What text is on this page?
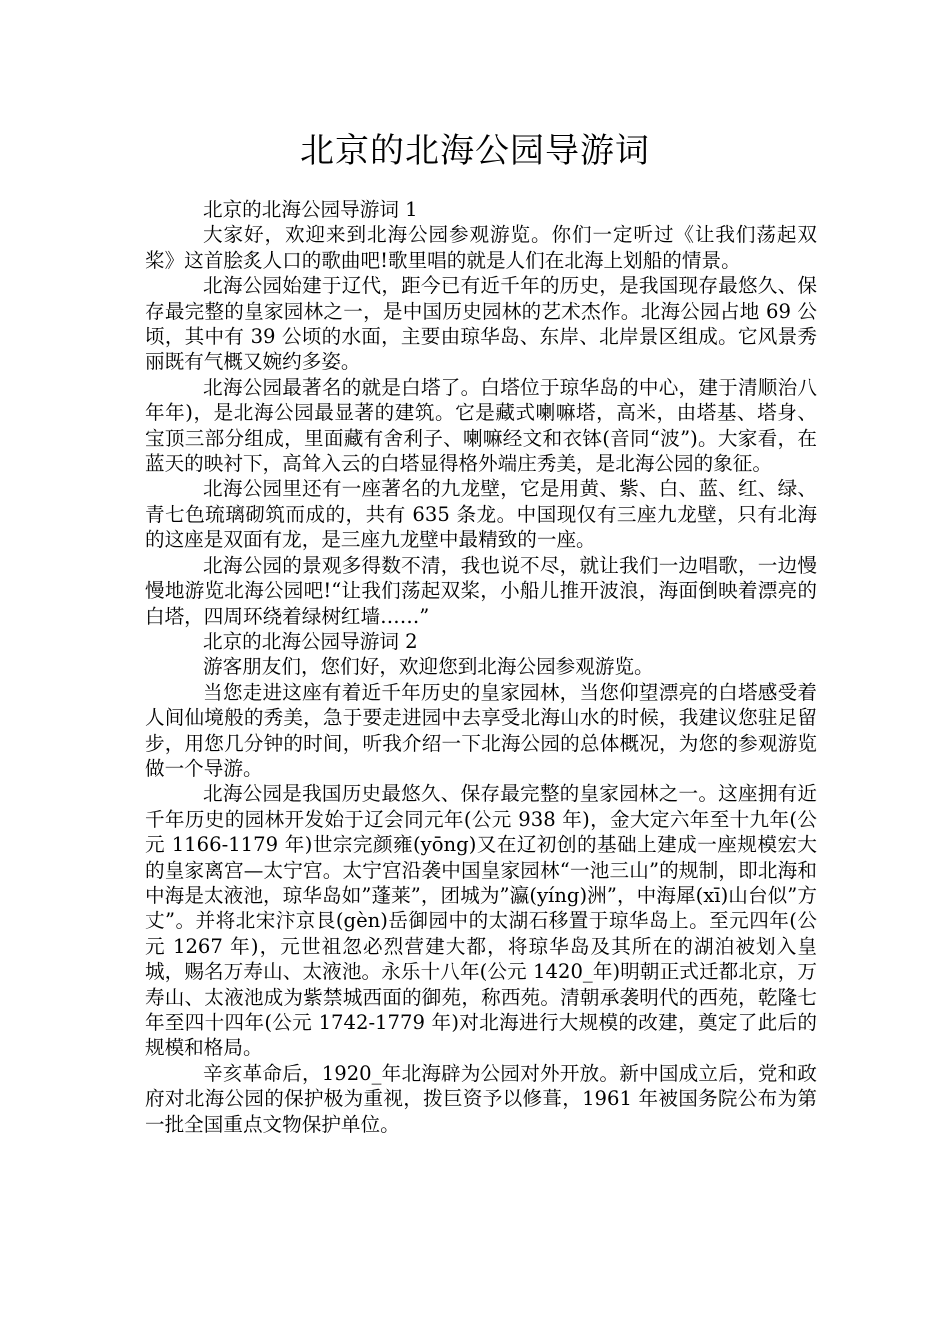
北京的北海公园导游词

北京的北海公园导游词 1

大家好，欢迎来到北海公园参观游览。你们一定听过《让我们荡起双桨》这首脍炙人口的歌曲吧!歌里唱的就是人们在北海上划船的情景。

北海公园始建于辽代，距今已有近千年的历史，是我国现存最悠久、保存最完整的皇家园林之一，是中国历史园林的艺术杰作。北海公园占地 69 公顷，其中有 39 公顷的水面，主要由琼华岛、东岸、北岸景区组成。它风景秀丽既有气概又婉约多姿。

北海公园最著名的就是白塔了。白塔位于琼华岛的中心，建于清顺治八年年)，是北海公园最显著的建筑。它是藏式喇嘛塔，高米，由塔基、塔身、宝顶三部分组成，里面藏有舍利子、喇嘛经文和衣钵(音同“波”)。大家看，在蓝天的映衬下，高耸入云的白塔显得格外端庄秀美，是北海公园的象征。

北海公园里还有一座著名的九龙壁，它是用黄、紫、白、蓝、红、绿、青七色琉璃砌筑而成的，共有 635 条龙。中国现仅有三座九龙壁，只有北海的这座是双面有龙，是三座九龙壁中最精致的一座。

北海公园的景观多得数不清，我也说不尽，就让我们一边唱歌，一边慢慢地游览北海公园吧!“让我们荡起双桨，小船儿推开波浪，海面倒映着漂亮的白塔，四周环绕着绿树红墙……”

北京的北海公园导游词 2

游客朋友们，您们好，欢迎您到北海公园参观游览。

当您走进这座有着近千年历史的皇家园林，当您仰望漂亮的白塔感受着人间仙境般的秀美，急于要走进园中去享受北海山水的时候，我建议您驻足留步，用您几分钟的时间，听我介绍一下北海公园的总体概况，为您的参观游览做一个导游。

北海公园是我国历史最悠久、保存最完整的皇家园林之一。这座拥有近千年历史的园林开发始于辽会同元年(公元 938 年)，金大定六年至十九年(公元 1166-1179 年)世宗完颜雍(yōng)又在辽初创的基础上建成一座规模宏大的皇家离宫—太宁宫。太宁宫沿袭中国皇家园林“一池三山”的规制，即北海和中海是太液池，琼华岛如”蓬莱”，团城为”瀛(yíng)洲”，中海犀(xī)山台似”方丈”。并将北宋汴京艮(gèn)岳御园中的太湖石移置于琼华岛上。至元四年(公元 1267 年)，元世祖忽必烈营建大都，将琼华岛及其所在的湖泊被划入皇城，赐名万寿山、太液池。永乐十八年(公元 1420_年)明朝正式迁都北京，万寿山、太液池成为紫禁城西面的御苑，称西苑。清朝承袭明代的西苑，乾隆七年至四十四年(公元 1742-1779 年)对北海进行大规模的改建，奠定了此后的规模和格局。

辛亥革命后，1920_年北海辟为公园对外开放。新中国成立后，党和政府对北海公园的保护极为重视，拨巨资予以修葺，1961 年被国务院公布为第一批全国重点文物保护单位。
